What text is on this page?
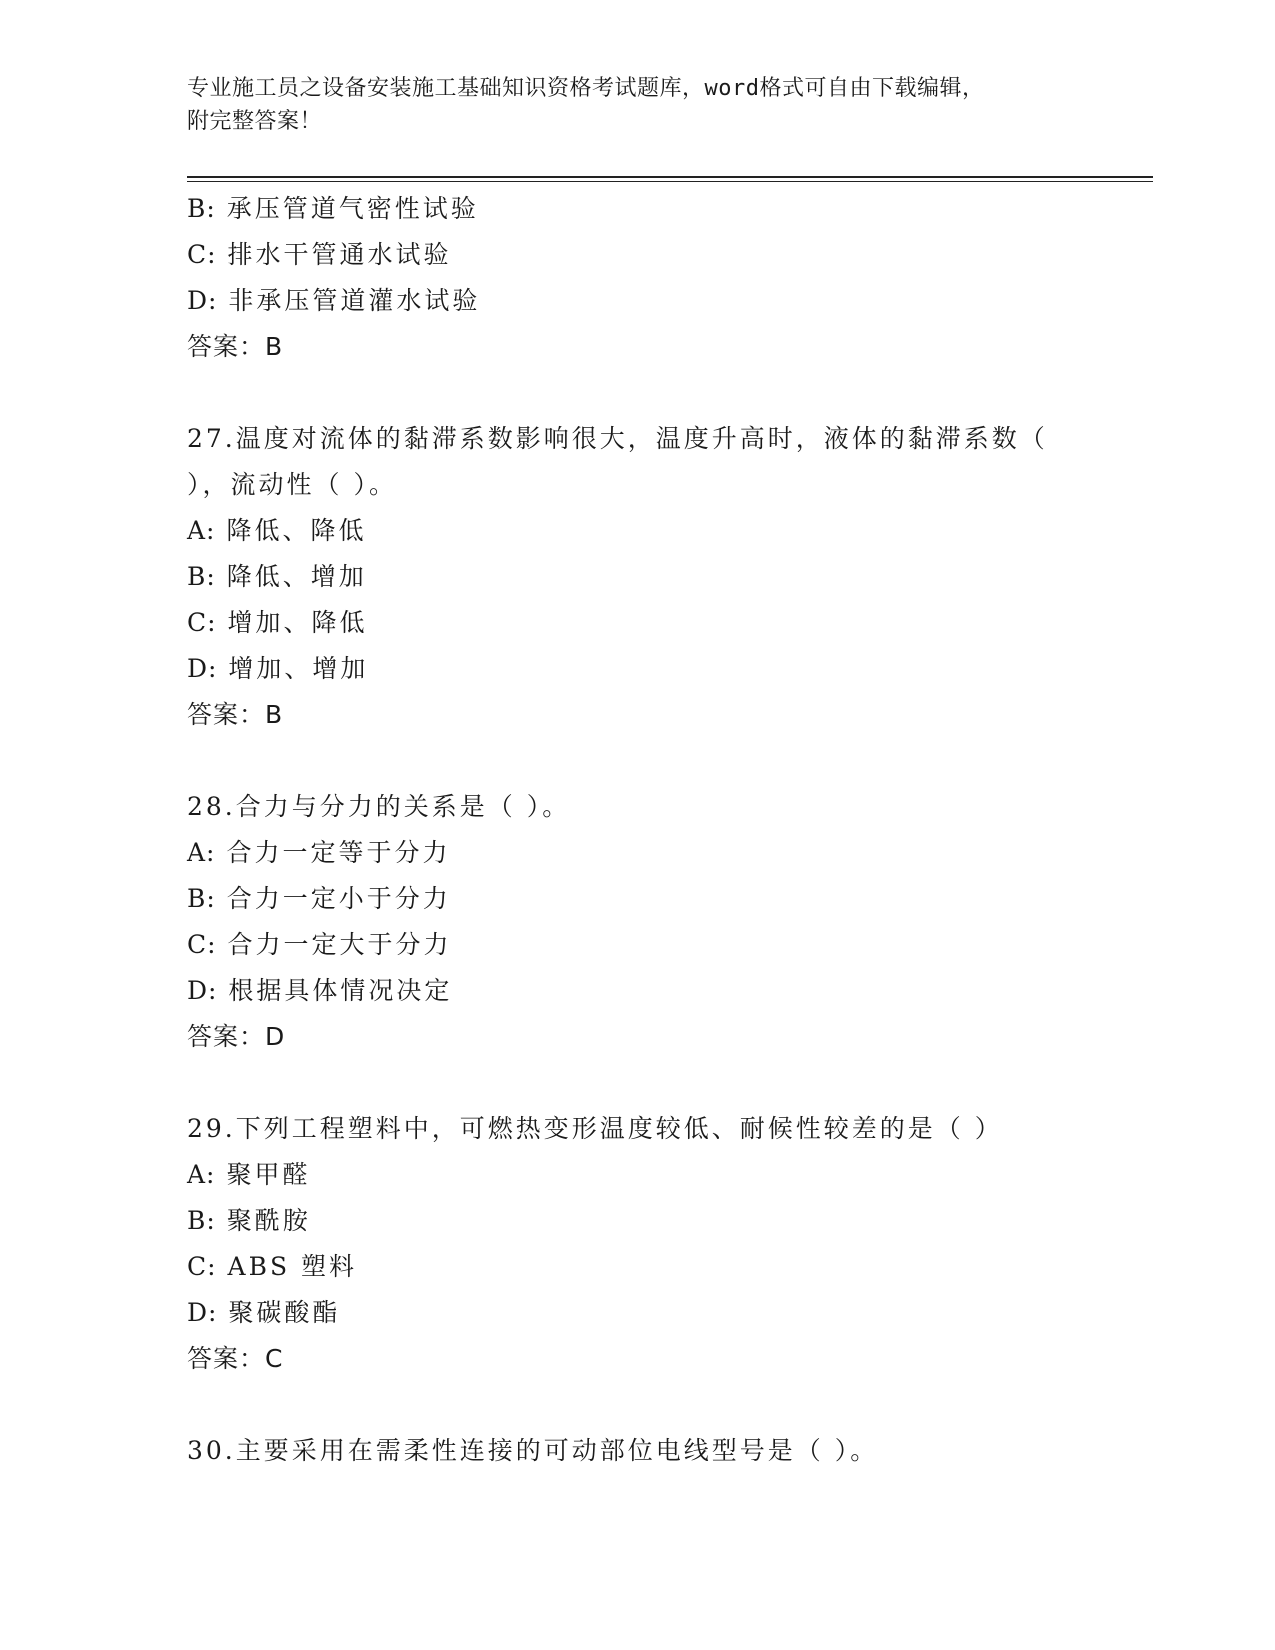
专业施工员之设备安装施工基础知识资格考试题库，word格式可自由下载编辑，
附完整答案！
B: 承压管道气密性试验
C: 排水干管通水试验
D: 非承压管道灌水试验
答案：B
27.温度对流体的黏滞系数影响很大，温度升高时，液体的黏滞系数（
），流动性（ ）。
A: 降低、降低
B: 降低、增加
C: 增加、降低
D: 增加、增加
答案：B
28.合力与分力的关系是（ ）。
A: 合力一定等于分力
B: 合力一定小于分力
C: 合力一定大于分力
D: 根据具体情况决定
答案：D
29.下列工程塑料中，可燃热变形温度较低、耐候性较差的是（ ）
A: 聚甲醛
B: 聚酰胺
C: ABS 塑料
D: 聚碳酸酯
答案：C
30.主要采用在需柔性连接的可动部位电线型号是（ ）。
